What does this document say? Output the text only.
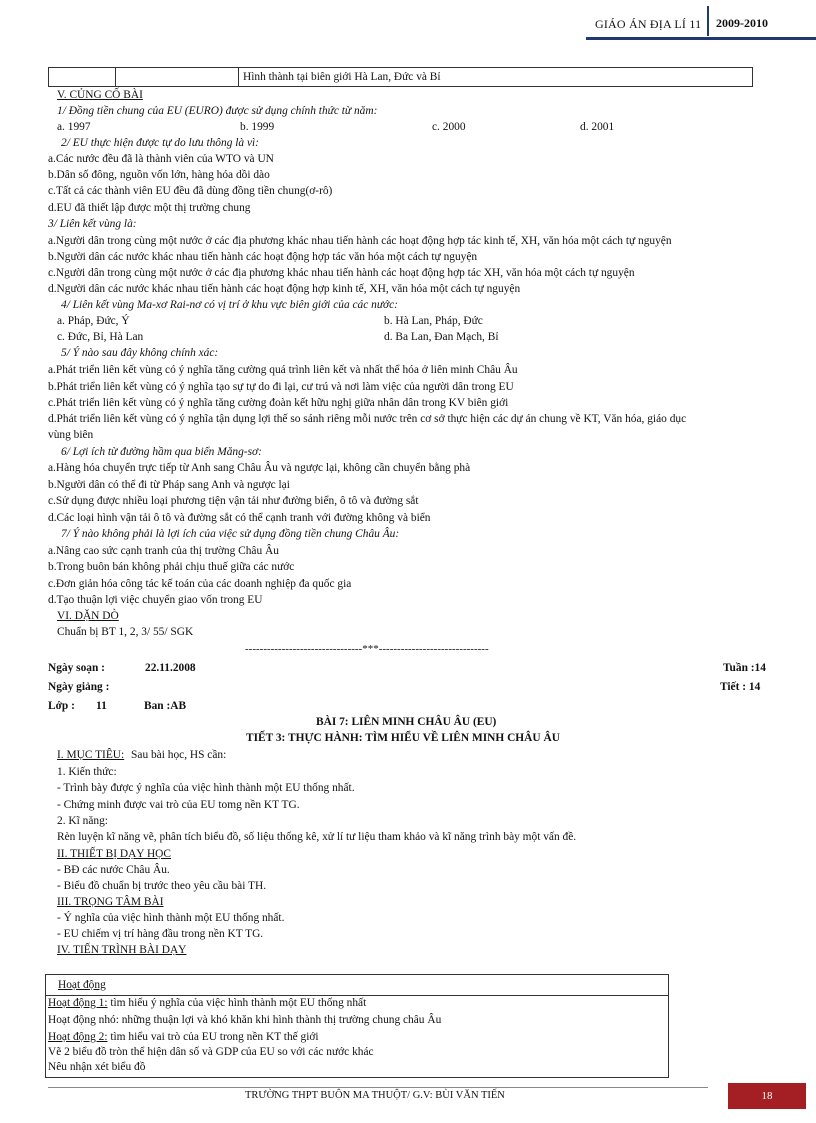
GIÁO ÁN ĐỊA LÍ 11 2009-2010
Hình thành tại biên giới Hà Lan, Đức và Bỉ
V. CỦNG CỐ BÀI
1/ Đồng tiền chung của EU (EURO) được sử dụng chính thức từ năm:
a. 1997	b. 1999	c. 2000	d. 2001
2/ EU thực hiện được tự do lưu thông là vì:
a.Các nước đều đã là thành viên của WTO và UN
b.Dân số đông, nguồn vốn lớn, hàng hóa dồi dào
c.Tất cả các thành viên EU đều đã dùng đồng tiền chung(ơ-rô)
d.EU đã thiết lập được một thị trường chung
3/ Liên kết vùng là:
a.Người dân trong cùng một nước ở các địa phương khác nhau tiến hành các hoạt động hợp tác kinh tế, XH, văn hóa một cách tự nguyện
b.Người dân các nước khác nhau tiến hành các hoạt động hợp tác văn hóa một cách tự nguyện
c.Người dân trong cùng một nước ở các địa phương khác nhau tiến hành các hoạt động hợp tác XH, văn hóa một cách tự nguyện
d.Người dân các nước khác nhau tiến hành các hoạt động hợp kinh tế, XH, văn hóa một cách tự nguyện
4/ Liên kết vùng Ma-xơ Rai-nơ có vị trí ở khu vực biên giới của các nước:
a. Pháp, Đức, Ý	b. Hà Lan, Pháp, Đức
c. Đức, Bỉ, Hà Lan	d. Ba Lan, Đan Mạch, Bỉ
5/ Ý nào sau đây không chính xác:
a.Phát triển liên kết vùng có ý nghĩa tăng cường quá trình liên kết và nhất thể hóa ở liên minh Châu Âu
b.Phát triển liên kết vùng có ý nghĩa tạo sự tự do đi lại, cư trú và nơi làm việc của người dân trong EU
c.Phát triển liên kết vùng có ý nghĩa tăng cường đoàn kết hữu nghị giữa nhân dân trong KV biên giới
d.Phát triển liên kết vùng có ý nghĩa tận dụng lợi thế so sánh riêng mỗi nước trên cơ sở thực hiện các dự án chung về KT, Văn hóa, giáo dục
vùng biên
6/ Lợi ích từ đường hầm qua biển Măng-sơ:
a.Hàng hóa chuyển trực tiếp từ Anh sang Châu Âu và ngược lại, không cần chuyển bằng phà
b.Người dân có thể đi từ Pháp sang Anh và ngược lại
c.Sử dụng được nhiều loại phương tiện vận tải như đường biển, ô tô và đường sắt
d.Các loại hình vận tải ô tô và đường sắt có thể cạnh tranh với đường không và biển
7/ Ý nào không phải là lợi ích của việc sử dụng đồng tiền chung Châu Âu:
a.Nâng cao sức cạnh tranh của thị trường Châu Âu
b.Trong buôn bán không phải chịu thuế giữa các nước
c.Đơn giản hóa công tác kế toán của các doanh nghiệp đa quốc gia
d.Tạo thuận lợi việc chuyển giao vốn trong EU
VI. DẶN DÒ
Chuẩn bị BT 1, 2, 3/ 55/ SGK
--------------------------------***------------------------------
Ngày soạn :	22.11.2008	Tuần :14
Ngày giảng :	Tiết : 14
Lớp : 11	Ban :AB
BÀI 7: LIÊN MINH CHÂU ÂU (EU)
TIẾT 3: THỰC HÀNH: TÌM HIỂU VỀ LIÊN MINH CHÂU ÂU
I. MỤC TIÊU: Sau bài học, HS cần:
1. Kiến thức:
- Trình bày được ý nghĩa của việc hình thành một EU thống nhất.
- Chứng minh được vai trò của EU tomg nền KT TG.
2. Kĩ năng:
Rèn luyện kĩ năng vẽ, phân tích biểu đồ, số liệu thống kê, xử lí tư liệu tham khảo và kĩ năng trình bày một vấn đề.
II. THIẾT BỊ DẠY HỌC
- BĐ các nước Châu Âu.
- Biểu đồ chuẩn bị trước theo yêu cầu bài TH.
III. TRỌNG TÂM BÀI
- Ý nghĩa của việc hình thành một EU thống nhất.
- EU chiếm vị trí hàng đầu trong nền KT TG.
IV. TIẾN TRÌNH BÀI DẠY
Hoạt động
Hoạt động 1: tìm hiểu ý nghĩa của việc hình thành một EU thống nhất
Hoạt động nhó: những thuận lợi và khó khăn khi hình thành thị trường chung châu Âu
Hoạt động 2: tìm hiểu vai trò của EU trong nền KT thế giới
Vẽ 2 biểu đồ tròn thể hiện dân số và GDP của EU so với các nước khác
Nêu nhận xét biểu đồ
TRƯỜNG THPT BUÔN MA THUỘT/ G.V: BÙI VĂN TIẾN	18
